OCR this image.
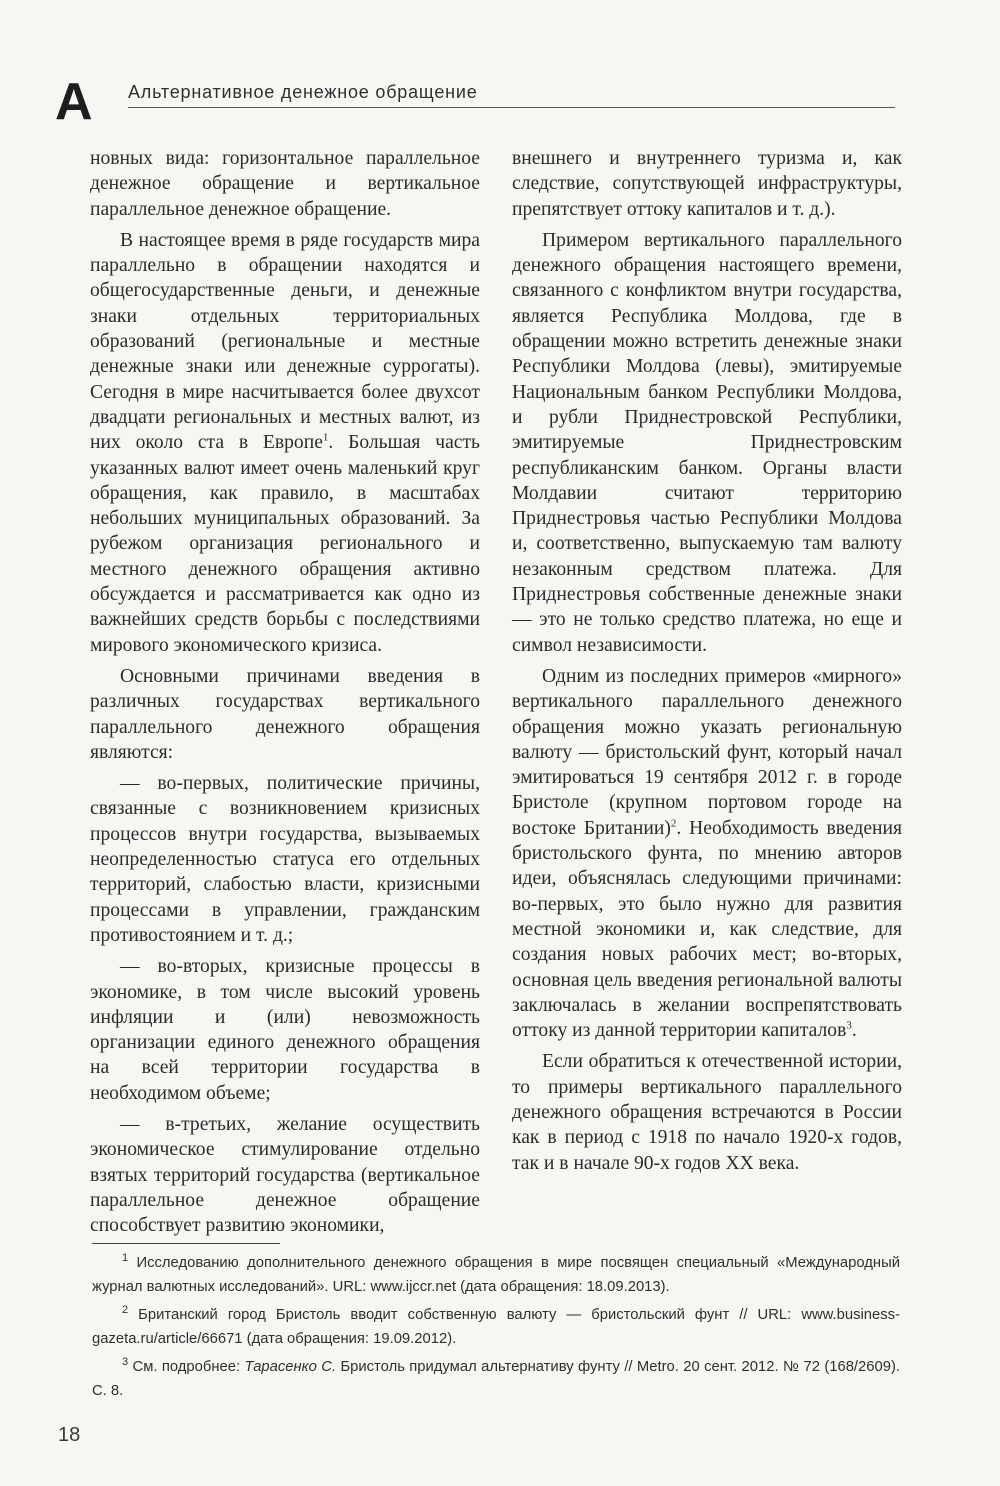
А Альтернативное денежное обращение

новных вида: горизонтальное параллельное денежное обращение и вертикальное параллельное денежное обращение.

В настоящее время в ряде государств мира параллельно в обращении находятся и общегосударственные деньги, и денежные знаки отдельных территориальных образований (региональные и местные денежные знаки или денежные суррогаты). Сегодня в мире насчитывается более двухсот двадцати региональных и местных валют, из них около ста в Европе$^1$. Большая часть указанных валют имеет очень маленький круг обращения, как правило, в масштабах небольших муниципальных образований. За рубежом организация регионального и местного денежного обращения активно обсуждается и рассматривается как одно из важнейших средств борьбы с последствиями мирового экономического кризиса.

Основными причинами введения в различных государствах вертикального параллельного денежного обращения являются:

— во-первых, политические причины, связанные с возникновением кризисных процессов внутри государства, вызываемых неопределенностью статуса его отдельных территорий, слабостью власти, кризисными процессами в управлении, гражданским противостоянием и т. д.;

— во-вторых, кризисные процессы в экономике, в том числе высокий уровень инфляции и (или) невозможность организации единого денежного обращения на всей территории государства в необходимом объеме;

— в-третьих, желание осуществить экономическое стимулирование отдельно взятых территорий государства (вертикальное параллельное денежное обращение способствует развитию экономики,

внешнего и внутреннего туризма и, как следствие, сопутствующей инфраструктуры, препятствует оттоку капиталов и т. д.).

Примером вертикального параллельного денежного обращения настоящего времени, связанного с конфликтом внутри государства, является Республика Молдова, где в обращении можно встретить денежные знаки Республики Молдова (левы), эмитируемые Национальным банком Республики Молдова, и рубли Приднестровской Республики, эмитируемые Приднестровским республиканским банком. Органы власти Молдавии считают территорию Приднестровья частью Республики Молдова и, соответственно, выпускаемую там валюту незаконным средством платежа. Для Приднестровья собственные денежные знаки — это не только средство платежа, но еще и символ независимости.

Одним из последних примеров «мирного» вертикального параллельного денежного обращения можно указать региональную валюту — бристольский фунт, который начал эмитироваться 19 сентября 2012 г. в городе Бристоле (крупном портовом городе на востоке Британии)$^2$. Необходимость введения бристольского фунта, по мнению авторов идеи, объяснялась следующими причинами: во-первых, это было нужно для развития местной экономики и, как следствие, для создания новых рабочих мест; во-вторых, основная цель введения региональной валюты заключалась в желании воспрепятствовать оттоку из данной территории капиталов$^3$.

Если обратиться к отечественной истории, то примеры вертикального параллельного денежного обращения встречаются в России как в период с 1918 по начало 1920-х годов, так и в начале 90-х годов XX века.

$^1$ Исследованию дополнительного денежного обращения в мире посвящен специальный «Международный журнал валютных исследований». URL: www.ijccr.net (дата обращения: 18.09.2013).

$^2$ Британский город Бристоль вводит собственную валюту — бристольский фунт // URL: www.business-gazeta.ru/article/66671 (дата обращения: 19.09.2012).

$^3$ См. подробнее: Тарасенко С. Бристоль придумал альтернативу фунту // Metro. 20 сент. 2012. № 72 (168/2609). С. 8.

18
